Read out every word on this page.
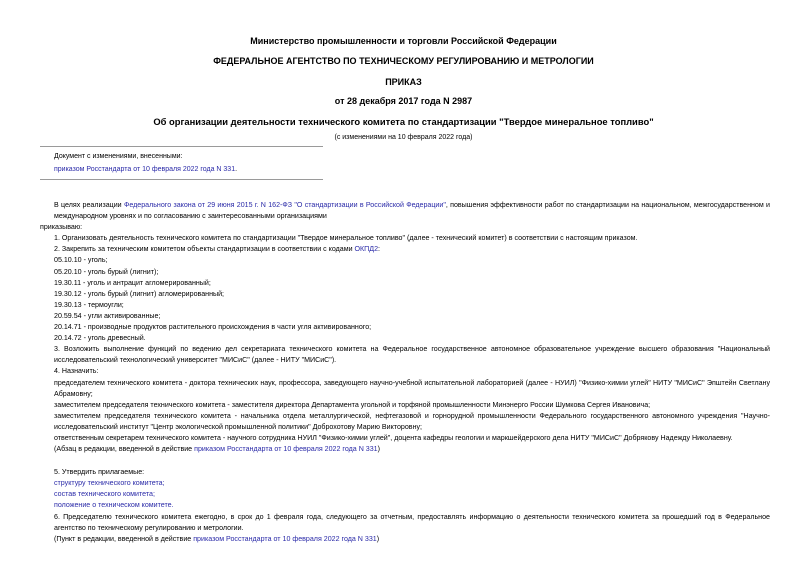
Министерство промышленности и торговли Российской Федерации
ФЕДЕРАЛЬНОЕ АГЕНТСТВО ПО ТЕХНИЧЕСКОМУ РЕГУЛИРОВАНИЮ И МЕТРОЛОГИИ
ПРИКАЗ
от 28 декабря 2017 года N 2987
Об организации деятельности технического комитета по стандартизации "Твердое минеральное топливо"
(с изменениями на 10 февраля 2022 года)
Документ с изменениями, внесенными:
приказом Росстандарта от 10 февраля 2022 года N 331.

В целях реализации Федерального закона от 29 июня 2015 г. N 162-ФЗ "О стандартизации в Российской Федерации", повышения эффективности работ по стандартизации на национальном, межгосударственном и международном уровнях и по согласованию с заинтересованными организациями

приказываю:

1. Организовать деятельность технического комитета по стандартизации "Твердое минеральное топливо" (далее - технический комитет) в соответствии с настоящим приказом.

2. Закрепить за техническим комитетом объекты стандартизации в соответствии с кодами ОКПД2:

05.10.10 - уголь;

05.20.10 - уголь бурый (лигнит);

19.30.11 - уголь и антрацит агломерированный;

19.30.12 - уголь бурый (лигнит) агломерированный;

19.30.13 - термоугли;

20.59.54 - угли активированные;

20.14.71 - производные продуктов растительного происхождения в части угля активированного;

20.14.72 - уголь древесный.

3. Возложить выполнение функций по ведению дел секретариата технического комитета на Федеральное государственное автономное образовательное учреждение высшего образования "Национальный исследовательский технологический университет "МИСиС" (далее - НИТУ "МИСиС").

4. Назначить:

председателем технического комитета - доктора технических наук, профессора, заведующего научно-учебной испытательной лабораторией (далее - НУИЛ) "Физико-химии углей" НИТУ "МИСиС" Эпштейн Светлану Абрамовну;

заместителем председателя технического комитета - заместителя директора Департамента угольной и торфяной промышленности Минэнерго России Шумкова Сергея Ивановича;

заместителем председателя технического комитета - начальника отдела металлургической, нефтегазовой и горнорудной промышленности Федерального государственного автономного учреждения "Научно-исследовательский институт "Центр экологической промышленной политики" Доброхотову Марию Викторовну;

ответственным секретарем технического комитета - научного сотрудника НУИЛ "Физико-химии углей", доцента кафедры геологии и маркшейдерского дела НИТУ "МИСиС" Добрякову Надежду Николаевну.

(Абзац в редакции, введенной в действие приказом Росстандарта от 10 февраля 2022 года N 331)

5. Утвердить прилагаемые:

структуру технического комитета;

состав технического комитета;

положение о техническом комитете.

6. Председателю технического комитета ежегодно, в срок до 1 февраля года, следующего за отчетным, предоставлять информацию о деятельности технического комитета за прошедший год в Федеральное агентство по техническому регулированию и метрологии.

(Пункт в редакции, введенной в действие приказом Росстандарта от 10 февраля 2022 года N 331)
